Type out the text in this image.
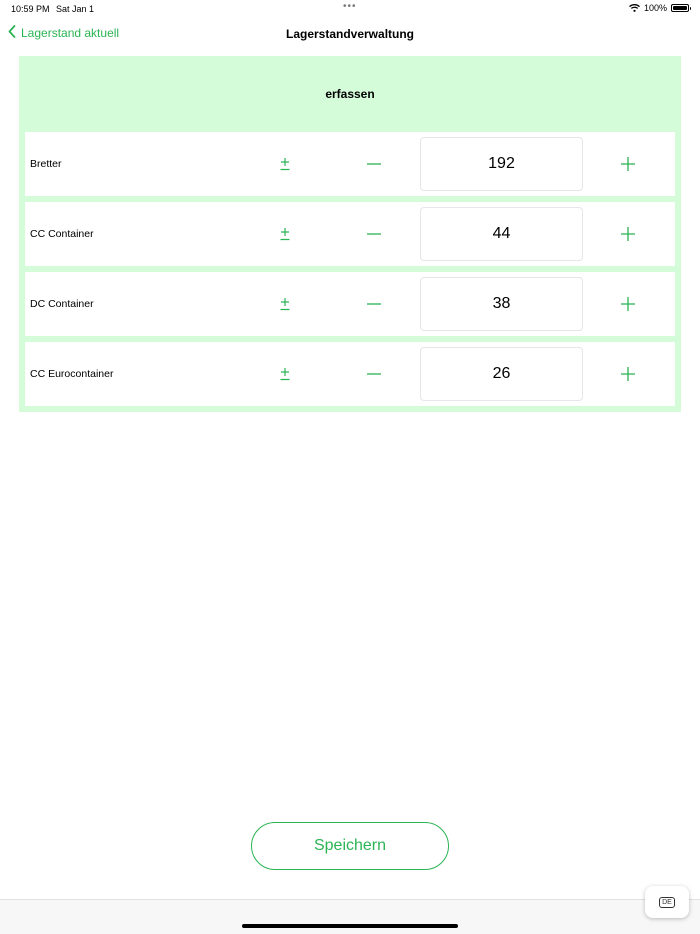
10:59 PM Sat Jan 1	•••	100%
Lagerstand aktuell	Lagerstandverwaltung
erfassen
Bretter	192
CC Container	44
DC Container	38
CC Eurocontainer	26
Speichern
DE
